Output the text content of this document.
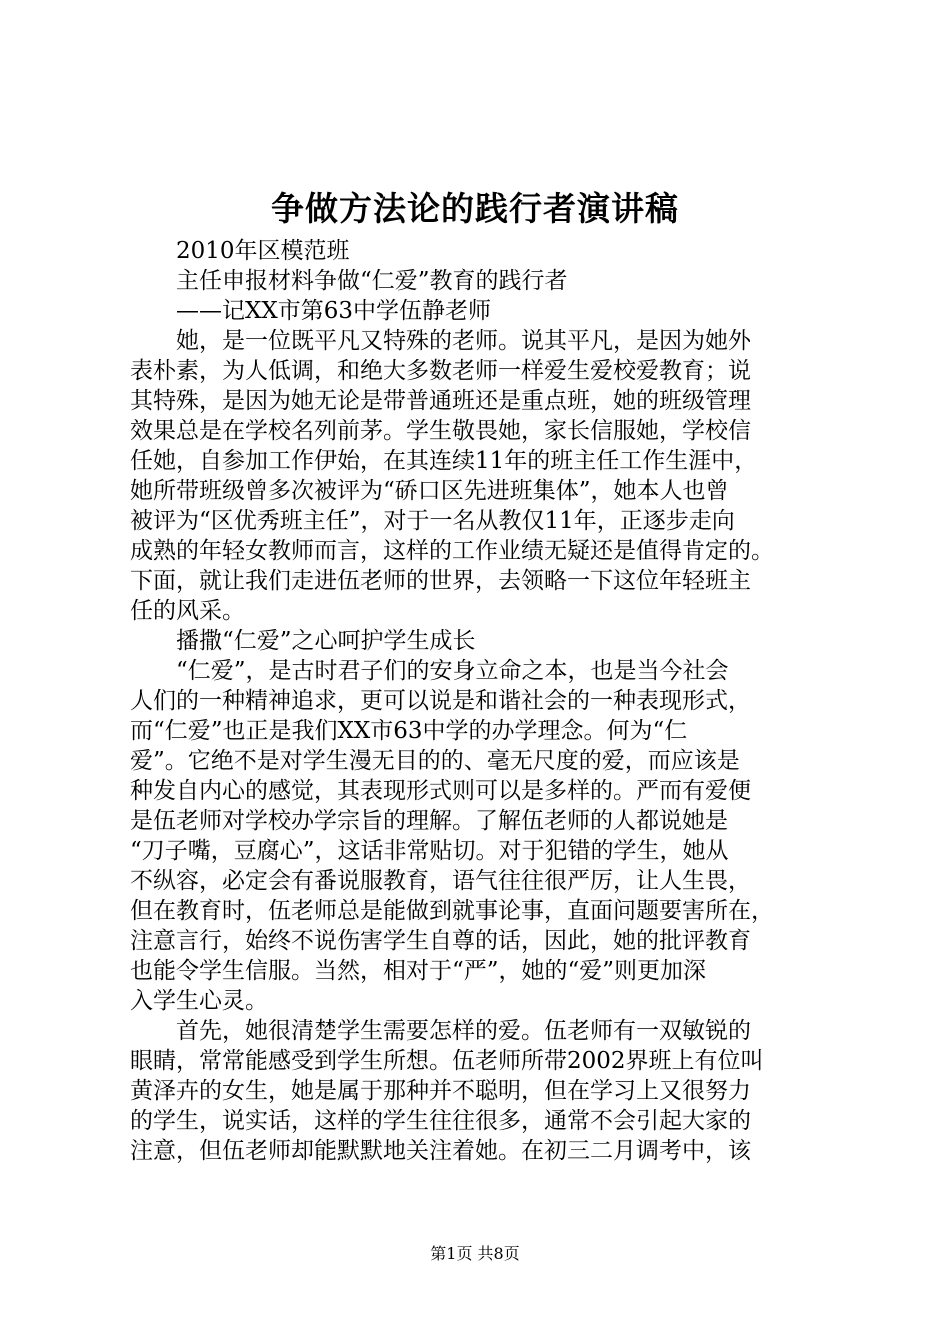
争做方法论的践行者演讲稿
2010年区模范班
主任申报材料争做“仁爱”教育的践行者
——记XX市第63中学伍静老师
她，是一位既平凡又特殊的老师。说其平凡，是因为她外
表朴素，为人低调，和绝大多数老师一样爱生爱校爱教育；说
其特殊，是因为她无论是带普通班还是重点班，她的班级管理
效果总是在学校名列前茅。学生敬畏她，家长信服她，学校信
任她，自参加工作伊始，在其连续11年的班主任工作生涯中，
她所带班级曾多次被评为“硚口区先进班集体”，她本人也曾
被评为“区优秀班主任”，对于一名从教仅11年，正逐步走向
成熟的年轻女教师而言，这样的工作业绩无疑还是值得肯定的。
下面，就让我们走进伍老师的世界，去领略一下这位年轻班主
任的风采。
播撒“仁爱”之心呵护学生成长
“仁爱”，是古时君子们的安身立命之本，也是当今社会
人们的一种精神追求，更可以说是和谐社会的一种表现形式，
而“仁爱”也正是我们XX市63中学的办学理念。何为“仁
爱”。它绝不是对学生漫无目的的、毫无尺度的爱，而应该是
种发自内心的感觉，其表现形式则可以是多样的。严而有爱便
是伍老师对学校办学宗旨的理解。了解伍老师的人都说她是
“刀子嘴，豆腐心”，这话非常贴切。对于犯错的学生，她从
不纵容，必定会有番说服教育，语气往往很严厉，让人生畏，
但在教育时，伍老师总是能做到就事论事，直面问题要害所在，
注意言行，始终不说伤害学生自尊的话，因此，她的批评教育
也能令学生信服。当然，相对于“严”，她的“爱”则更加深
入学生心灵。
首先，她很清楚学生需要怎样的爱。伍老师有一双敏锐的
眼睛，常常能感受到学生所想。伍老师所带2002界班上有位叫
黄泽卉的女生，她是属于那种并不聪明，但在学习上又很努力
的学生，说实话，这样的学生往往很多，通常不会引起大家的
注意，但伍老师却能默默地关注着她。在初三二月调考中，该
第1页 共8页
